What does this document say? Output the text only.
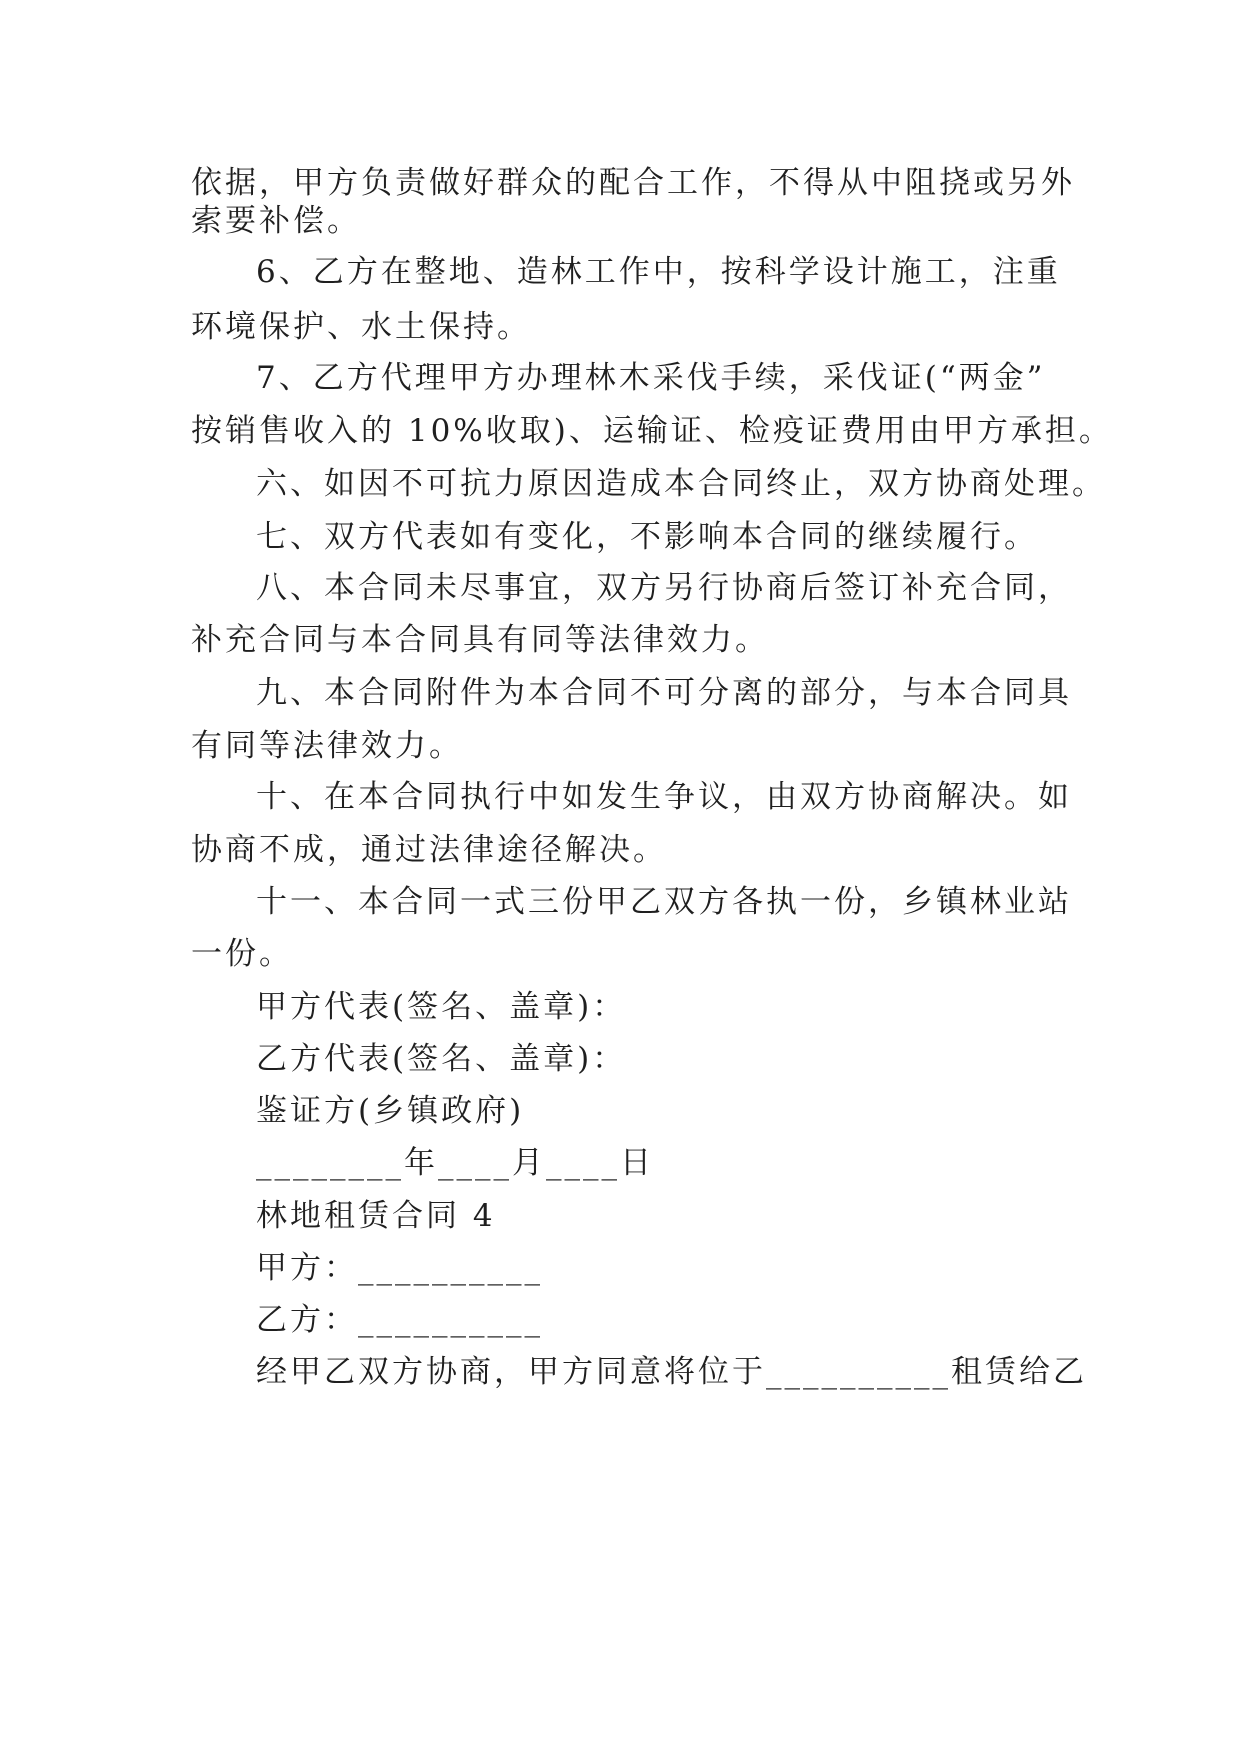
依据，甲方负责做好群众的配合工作，不得从中阻挠或另外
索要补偿。
6、乙方在整地、造林工作中，按科学设计施工，注重
环境保护、水土保持。
7、乙方代理甲方办理林木采伐手续，采伐证(“两金”
按销售收入的 10%收取)、运输证、检疫证费用由甲方承担。
六、如因不可抗力原因造成本合同终止，双方协商处理。
七、双方代表如有变化，不影响本合同的继续履行。
八、本合同未尽事宜，双方另行协商后签订补充合同，
补充合同与本合同具有同等法律效力。
九、本合同附件为本合同不可分离的部分，与本合同具
有同等法律效力。
十、在本合同执行中如发生争议，由双方协商解决。如
协商不成，通过法律途径解决。
十一、本合同一式三份甲乙双方各执一份，乡镇林业站
一份。
甲方代表(签名、盖章)：
乙方代表(签名、盖章)：
鉴证方(乡镇政府)
________年____月____日
林地租赁合同 4
甲方：__________
乙方：__________
经甲乙双方协商，甲方同意将位于__________租赁给乙
